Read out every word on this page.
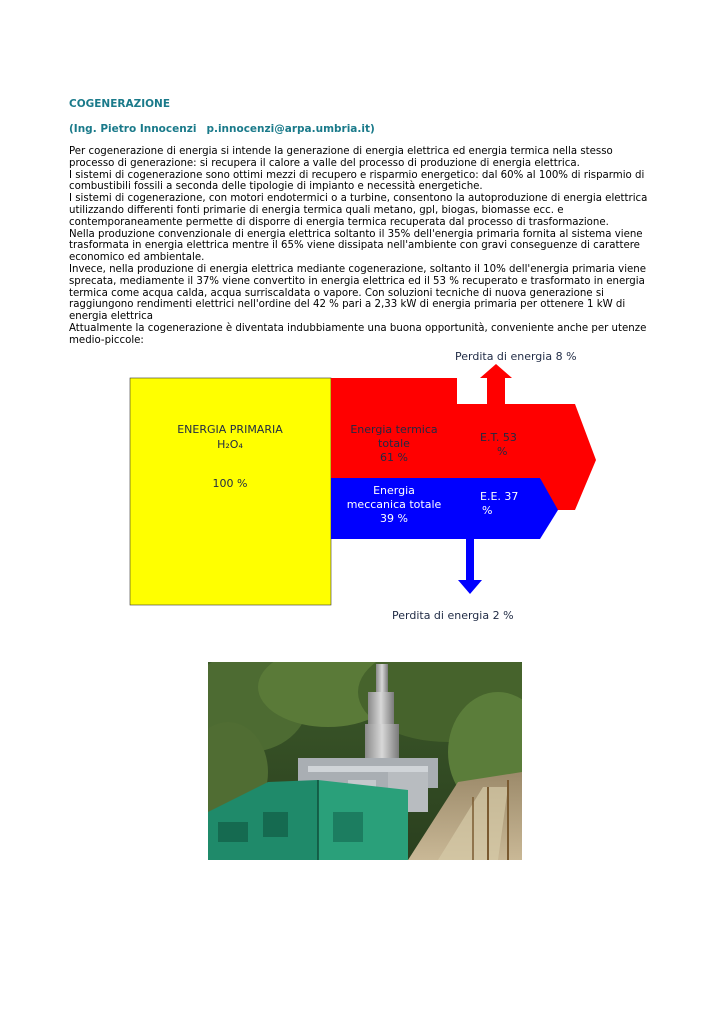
COGENERAZIONE
(Ing. Pietro Innocenzi p.innocenzi@arpa.umbria.it)

Per cogenerazione di energia si intende la generazione di energia elettrica ed energia termica nella stesso processo di generazione: si recupera il calore a valle del processo di produzione di energia elettrica.

I sistemi di cogenerazione sono ottimi mezzi di recupero e risparmio energetico: dal 60% al 100% di risparmio di combustibili fossili a seconda delle tipologie di impianto e necessità energetiche.

I sistemi di cogenerazione, con motori endotermici o a turbine, consentono la autoproduzione di energia elettrica utilizzando differenti fonti primarie di energia termica quali metano, gpl, biogas, biomasse ecc. e contemporaneamente permette di disporre di energia termica recuperata dal processo di trasformazione.

Nella produzione convenzionale di energia elettrica soltanto il 35% dell'energia primaria fornita al sistema viene trasformata in energia elettrica mentre il 65% viene dissipata nell'ambiente con gravi conseguenze di carattere economico ed ambientale.

Invece, nella produzione di energia elettrica mediante cogenerazione, soltanto il 10% dell'energia primaria viene sprecata, mediamente il 37% viene convertito in energia elettrica ed il 53 % recuperato e trasformato in energia termica come acqua calda, acqua surriscaldata o vapore. Con soluzioni tecniche di nuova generazione si raggiungono rendimenti elettrici nell'ordine del 42 % pari a 2,33 kW di energia primaria per ottenere 1 kW di energia elettrica

Attualmente la cogenerazione è diventata indubbiamente una buona opportunità, conveniente anche per utenze medio-piccole:

Perdita di energia 8 %
ENERGIA PRIMARIA
H₂O₄
100 %
Energia termica
totale
61 %
Energia
meccanica totale
39 %
E.T. 53
%
E.E. 37
%
Perdita di energia 2 %
